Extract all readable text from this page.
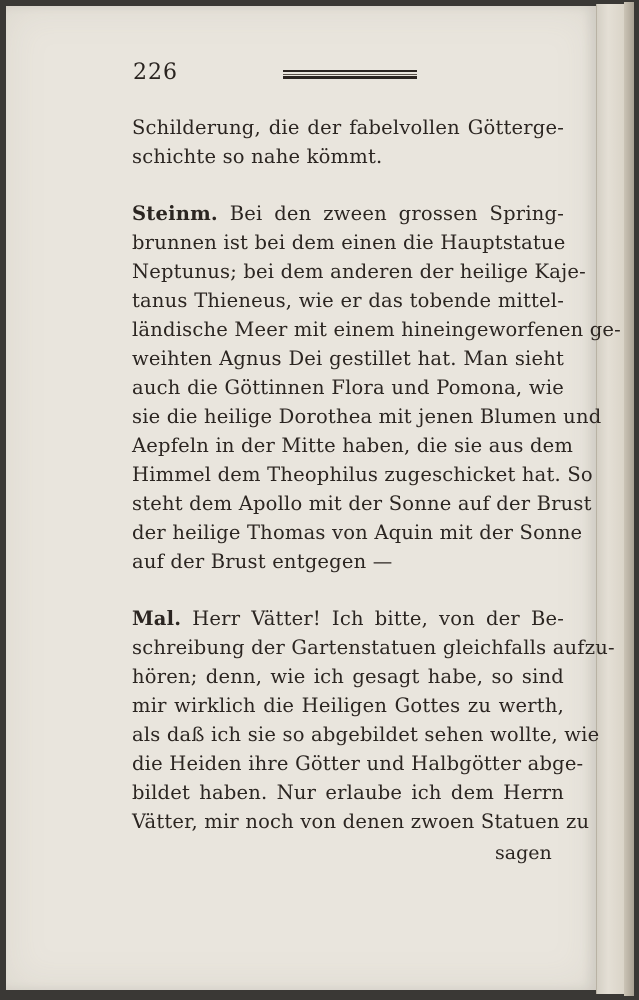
226
Schilderung, die der fabelvollen Götterge-
schichte so nahe kömmt.
Steinm. Bei den zween grossen Spring-
brunnen ist bei dem einen die Hauptstatue
Neptunus; bei dem anderen der heilige Kaje-
tanus Thieneus, wie er das tobende mittel-
ländische Meer mit einem hineingeworfenen ge-
weihten Agnus Dei gestillet hat. Man sieht
auch die Göttinnen Flora und Pomona, wie
sie die heilige Dorothea mit jenen Blumen und
Aepfeln in der Mitte haben, die sie aus dem
Himmel dem Theophilus zugeschicket hat. So
steht dem Apollo mit der Sonne auf der Brust
der heilige Thomas von Aquin mit der Sonne
auf der Brust entgegen —
Mal. Herr Vätter! Ich bitte, von der Be-
schreibung der Gartenstatuen gleichfalls aufzu-
hören; denn, wie ich gesagt habe, so sind
mir wirklich die Heiligen Gottes zu werth,
als daß ich sie so abgebildet sehen wollte, wie
die Heiden ihre Götter und Halbgötter abge-
bildet haben. Nur erlaube ich dem Herrn
Vätter, mir noch von denen zwoen Statuen zu
sagen
